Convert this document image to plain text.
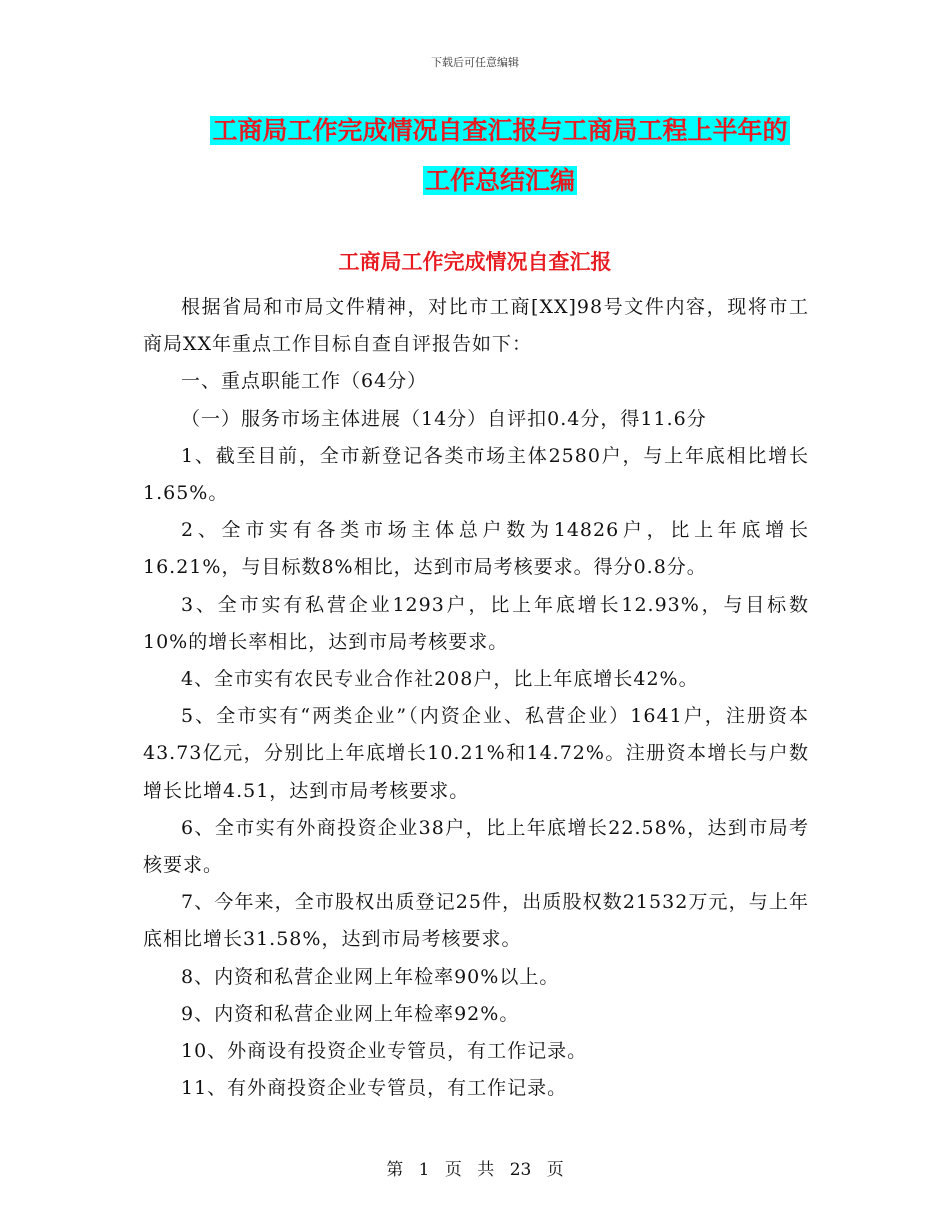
下载后可任意编辑
工商局工作完成情况自查汇报与工商局工程上半年的
工作总结汇编
工商局工作完成情况自查汇报

根据省局和市局文件精神，对比市工商[XX]98号文件内容，现将市工商局XX年重点工作目标自查自评报告如下：

一、重点职能工作（64分）

（一）服务市场主体进展（14分）自评扣0.4分，得11.6分

1、截至目前，全市新登记各类市场主体2580户，与上年底相比增长1.65%。

2、全市实有各类市场主体总户数为14826户，比上年底增长16.21%，与目标数8%相比，达到市局考核要求。得分0.8分。

3、全市实有私营企业1293户，比上年底增长12.93%，与目标数10%的增长率相比，达到市局考核要求。

4、全市实有农民专业合作社208户，比上年底增长42%。

5、全市实有“两类企业”（内资企业、私营企业）1641户，注册资本43.73亿元，分别比上年底增长10.21%和14.72%。注册资本增长与户数增长比增4.51，达到市局考核要求。

6、全市实有外商投资企业38户，比上年底增长22.58%，达到市局考核要求。

7、今年来，全市股权出质登记25件，出质股权数21532万元，与上年底相比增长31.58%，达到市局考核要求。

8、内资和私营企业网上年检率90%以上。

9、内资和私营企业网上年检率92%。

10、外商设有投资企业专管员，有工作记录。

11、有外商投资企业专管员，有工作记录。

第 1 页 共 23 页
